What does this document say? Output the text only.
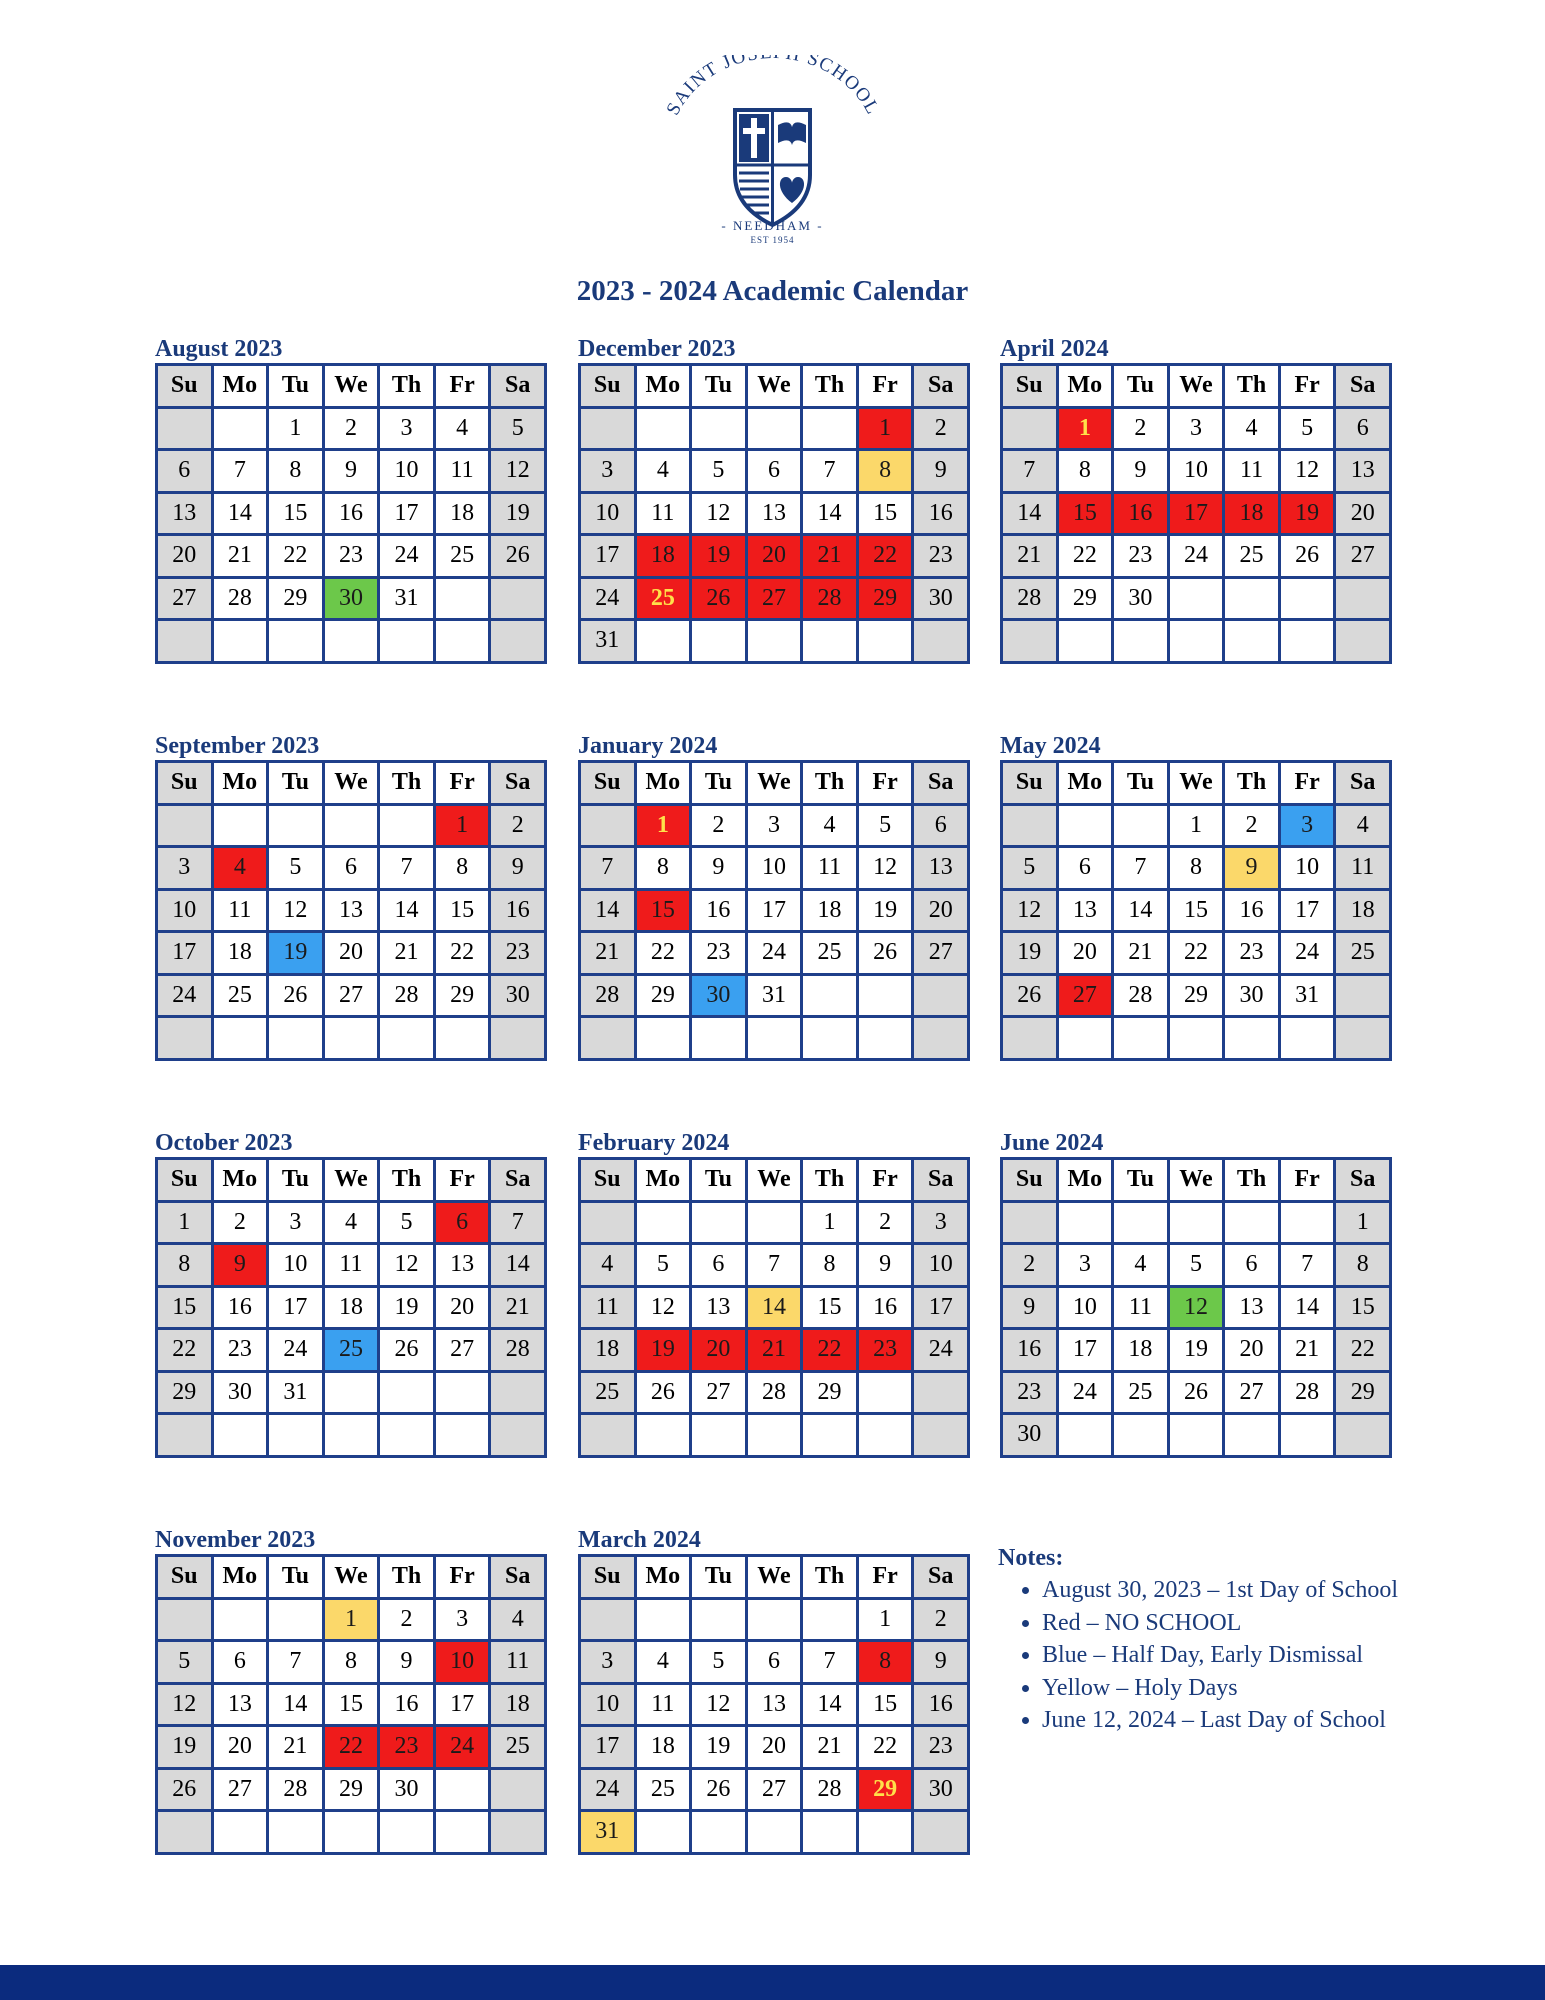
SAINT JO SCHOOL
- NEEDHAM -
EST 1954
2023 - 2024 Academic Calendar
August 2023
Su	Mo	Tu	We	Th	Fr	Sa
		1	2	3	4	5
6	7	8	9	10	11	12
13	14	15	16	17	18	19
20	21	22	23	24	25	26
27	28	29	30	31		

September 2023
Su	Mo	Tu	We	Th	Fr	Sa
					1	2
3	4	5	6	7	8	9
10	11	12	13	14	15	16
17	18	19	20	21	22	23
24	25	26	27	28	29	30

October 2023
Su	Mo	Tu	We	Th	Fr	Sa
1	2	3	4	5	6	7
8	9	10	11	12	13	14
15	16	17	18	19	20	21
22	23	24	25	26	27	28
29	30	31				

November 2023
Su	Mo	Tu	We	Th	Fr	Sa
			1	2	3	4
5	6	7	8	9	10	11
12	13	14	15	16	17	18
19	20	21	22	23	24	25
26	27	28	29	30		

December 2023
Su	Mo	Tu	We	Th	Fr	Sa
					1	2
3	4	5	6	7	8	9
10	11	12	13	14	15	16
17	18	19	20	21	22	23
24	25	26	27	28	29	30
31						
January 2024
Su	Mo	Tu	We	Th	Fr	Sa
	1	2	3	4	5	6
7	8	9	10	11	12	13
14	15	16	17	18	19	20
21	22	23	24	25	26	27
28	29	30	31			

February 2024
Su	Mo	Tu	We	Th	Fr	Sa
				1	2	3
4	5	6	7	8	9	10
11	12	13	14	15	16	17
18	19	20	21	22	23	24
25	26	27	28	29		

March 2024
Su	Mo	Tu	We	Th	Fr	Sa
					1	2
3	4	5	6	7	8	9
10	11	12	13	14	15	16
17	18	19	20	21	22	23
24	25	26	27	28	29	30
31						
April 2024
Su	Mo	Tu	We	Th	Fr	Sa
	1	2	3	4	5	6
7	8	9	10	11	12	13
14	15	16	17	18	19	20
21	22	23	24	25	26	27
28	29	30				

May 2024
Su	Mo	Tu	We	Th	Fr	Sa
			1	2	3	4
5	6	7	8	9	10	11
12	13	14	15	16	17	18
19	20	21	22	23	24	25
26	27	28	29	30	31	

June 2024
Su	Mo	Tu	We	Th	Fr	Sa
						1
2	3	4	5	6	7	8
9	10	11	12	13	14	15
16	17	18	19	20	21	22
23	24	25	26	27	28	29
30						
Notes:
• August 30, 2023 – 1st Day of School
• Red – NO SCHOOL
• Blue – Half Day, Early Dismissal
• Yellow – Holy Days
• June 12, 2024 – Last Day of School
